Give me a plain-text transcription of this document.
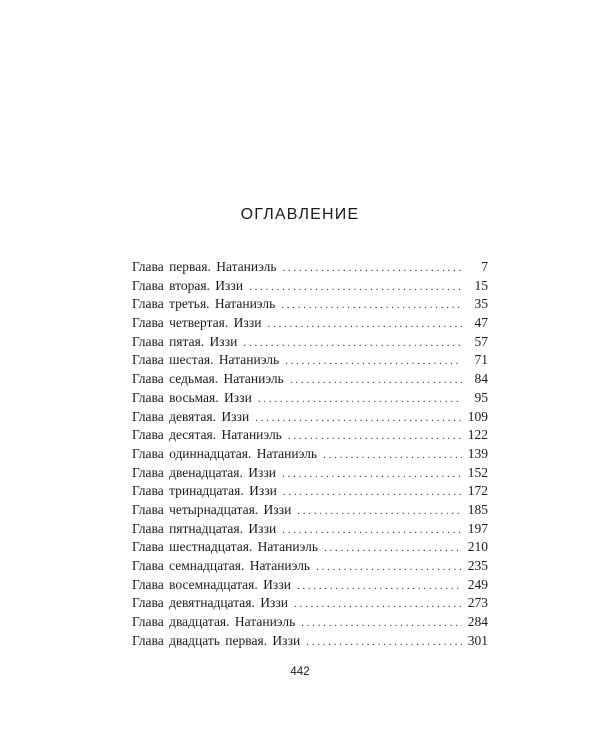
ОГЛАВЛЕНИЕ
Глава первая. Натаниэль . . .	7
Глава вторая. Иззи . . .	15
Глава третья. Натаниэль . . .	35
Глава четвертая. Иззи . . .	47
Глава пятая. Иззи . . .	57
Глава шестая. Натаниэль . . .	71
Глава седьмая. Натаниэль . . .	84
Глава восьмая. Иззи . . .	95
Глава девятая. Иззи . . .	109
Глава десятая. Натаниэль . . .	122
Глава одиннадцатая. Натаниэль . . .	139
Глава двенадцатая. Иззи . . .	152
Глава тринадцатая. Иззи . . .	172
Глава четырнадцатая. Иззи . . .	185
Глава пятнадцатая. Иззи . . .	197
Глава шестнадцатая. Натаниэль . . .	210
Глава семнадцатая. Натаниэль . . .	235
Глава восемнадцатая. Иззи . . .	249
Глава девятнадцатая. Иззи . . .	273
Глава двадцатая. Натаниэль . . .	284
Глава двадцать первая. Иззи . . .	301
442
